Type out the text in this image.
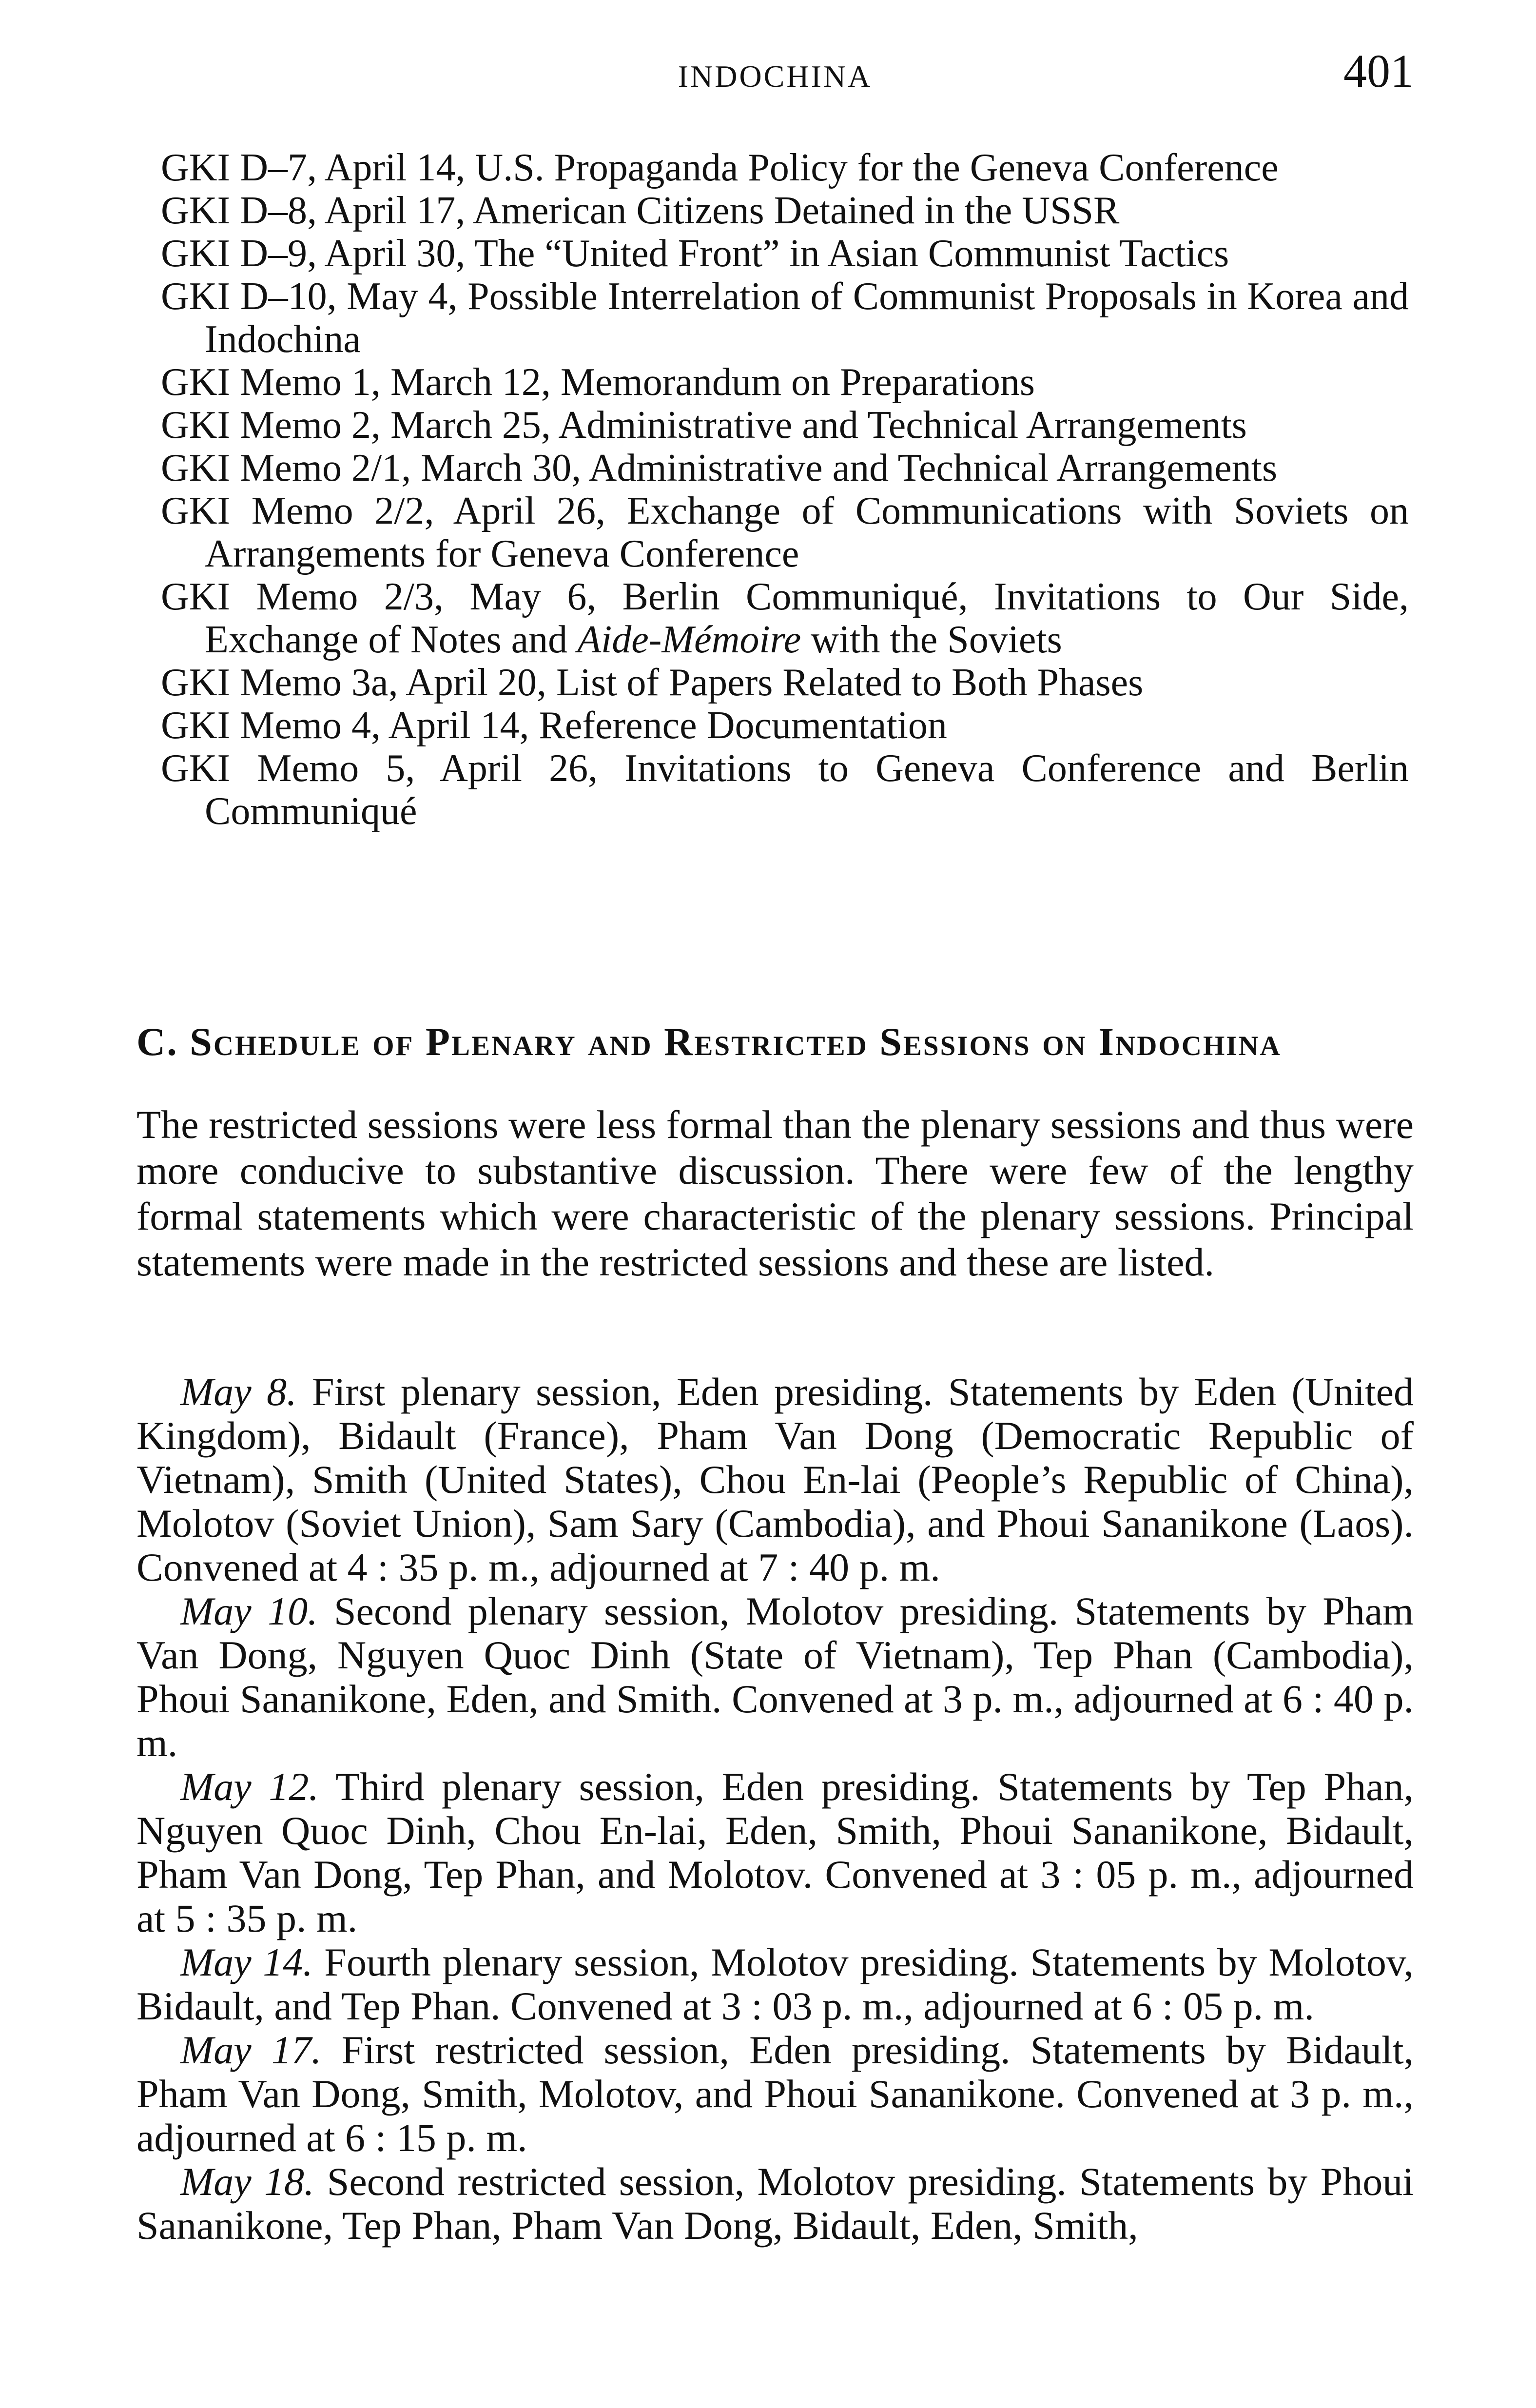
INDOCHINA	401

GKI D–7, April 14, U.S. Propaganda Policy for the Geneva Conference

GKI D–8, April 17, American Citizens Detained in the USSR

GKI D–9, April 30, The “United Front” in Asian Communist Tactics

GKI D–10, May 4, Possible Interrelation of Communist Proposals in Korea and Indochina

GKI Memo 1, March 12, Memorandum on Preparations

GKI Memo 2, March 25, Administrative and Technical Arrangements

GKI Memo 2/1, March 30, Administrative and Technical Arrangements

GKI Memo 2/2, April 26, Exchange of Communications with Soviets on Arrangements for Geneva Conference

GKI Memo 2/3, May 6, Berlin Communiqué, Invitations to Our Side, Exchange of Notes and Aide-Mémoire with the Soviets

GKI Memo 3a, April 20, List of Papers Related to Both Phases

GKI Memo 4, April 14, Reference Documentation

GKI Memo 5, April 26, Invitations to Geneva Conference and Berlin Communiqué

C. Schedule of Plenary and Restricted Sessions on Indochina

The restricted sessions were less formal than the plenary sessions and thus were more conducive to substantive discussion. There were few of the lengthy formal statements which were characteristic of the plenary sessions. Principal statements were made in the restricted sessions and these are listed.

May 8. First plenary session, Eden presiding. Statements by Eden (United Kingdom), Bidault (France), Pham Van Dong (Democratic Republic of Vietnam), Smith (United States), Chou En-lai (People’s Republic of China), Molotov (Soviet Union), Sam Sary (Cambodia), and Phoui Sananikone (Laos). Convened at 4 : 35 p. m., adjourned at 7 : 40 p. m.

May 10. Second plenary session, Molotov presiding. Statements by Pham Van Dong, Nguyen Quoc Dinh (State of Vietnam), Tep Phan (Cambodia), Phoui Sananikone, Eden, and Smith. Convened at 3 p. m., adjourned at 6 : 40 p. m.

May 12. Third plenary session, Eden presiding. Statements by Tep Phan, Nguyen Quoc Dinh, Chou En-lai, Eden, Smith, Phoui Sananikone, Bidault, Pham Van Dong, Tep Phan, and Molotov. Convened at 3 : 05 p. m., adjourned at 5 : 35 p. m.

May 14. Fourth plenary session, Molotov presiding. Statements by Molotov, Bidault, and Tep Phan. Convened at 3 : 03 p. m., adjourned at 6 : 05 p. m.

May 17. First restricted session, Eden presiding. Statements by Bidault, Pham Van Dong, Smith, Molotov, and Phoui Sananikone. Convened at 3 p. m., adjourned at 6 : 15 p. m.

May 18. Second restricted session, Molotov presiding. Statements by Phoui Sananikone, Tep Phan, Pham Van Dong, Bidault, Eden, Smith,
